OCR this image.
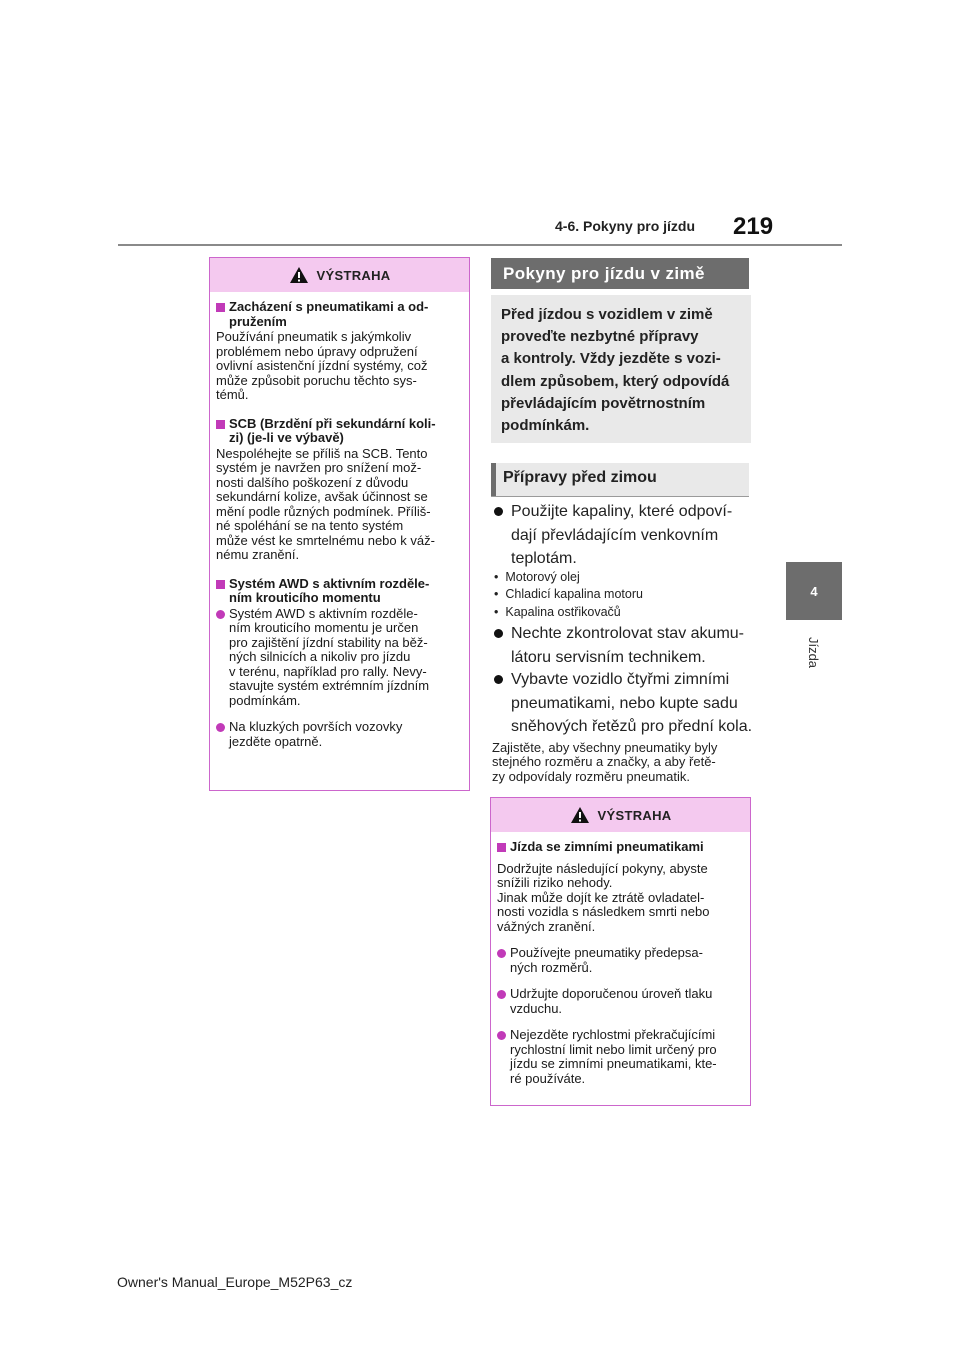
4-6. Pokyny pro jízdu 219
4
Jízda
VÝSTRAHA
Zacházení s pneumatikami a od-
pružením
Používání pneumatik s jakýmkoliv
problémem nebo úpravy odpružení
ovlivní asistenční jízdní systémy, což
může způsobit poruchu těchto sys-
témů.
SCB (Brzdění při sekundární koli-
zi) (je-li ve výbavě)
Nespoléhejte se příliš na SCB. Tento
systém je navržen pro snížení mož-
nosti dalšího poškození z důvodu
sekundární kolize, avšak účinnost se
mění podle různých podmínek. Příliš-
né spoléhání se na tento systém
může vést ke smrtelnému nebo k váž-
nému zranění.
Systém AWD s aktivním rozděle-
ním krouticího momentu
Systém AWD s aktivním rozděle-
ním krouticího momentu je určen
pro zajištění jízdní stability na běž-
ných silnicích a nikoliv pro jízdu
v terénu, například pro rally. Nevy-
stavujte systém extrémním jízdním
podmínkám.
Na kluzkých površích vozovky
jezděte opatrně.
Pokyny pro jízdu v zimě
Před jízdou s vozidlem v zimě
proveďte nezbytné přípravy
a kontroly. Vždy jezděte s vozi-
dlem způsobem, který odpovídá
převládajícím povětrnostním
podmínkám.
Přípravy před zimou
Použijte kapaliny, které odpoví-
dají převládajícím venkovním
teplotám.
• Motorový olej
• Chladicí kapalina motoru
• Kapalina ostřikovačů
Nechte zkontrolovat stav akumu-
látoru servisním technikem.
Vybavte vozidlo čtyřmi zimními
pneumatikami, nebo kupte sadu
sněhových řetězů pro přední kola.
Zajistěte, aby všechny pneumatiky byly
stejného rozměru a značky, a aby řetě-
zy odpovídaly rozměru pneumatik.
VÝSTRAHA
Jízda se zimními pneumatikami
Dodržujte následující pokyny, abyste
snížili riziko nehody.
Jinak může dojít ke ztrátě ovladatel-
nosti vozidla s následkem smrti nebo
vážných zranění.
Používejte pneumatiky předepsa-
ných rozměrů.
Udržujte doporučenou úroveň tlaku
vzduchu.
Nejezděte rychlostmi překračujícími
rychlostní limit nebo limit určený pro
jízdu se zimními pneumatikami, kte-
ré používáte.
Owner's Manual_Europe_M52P63_cz
